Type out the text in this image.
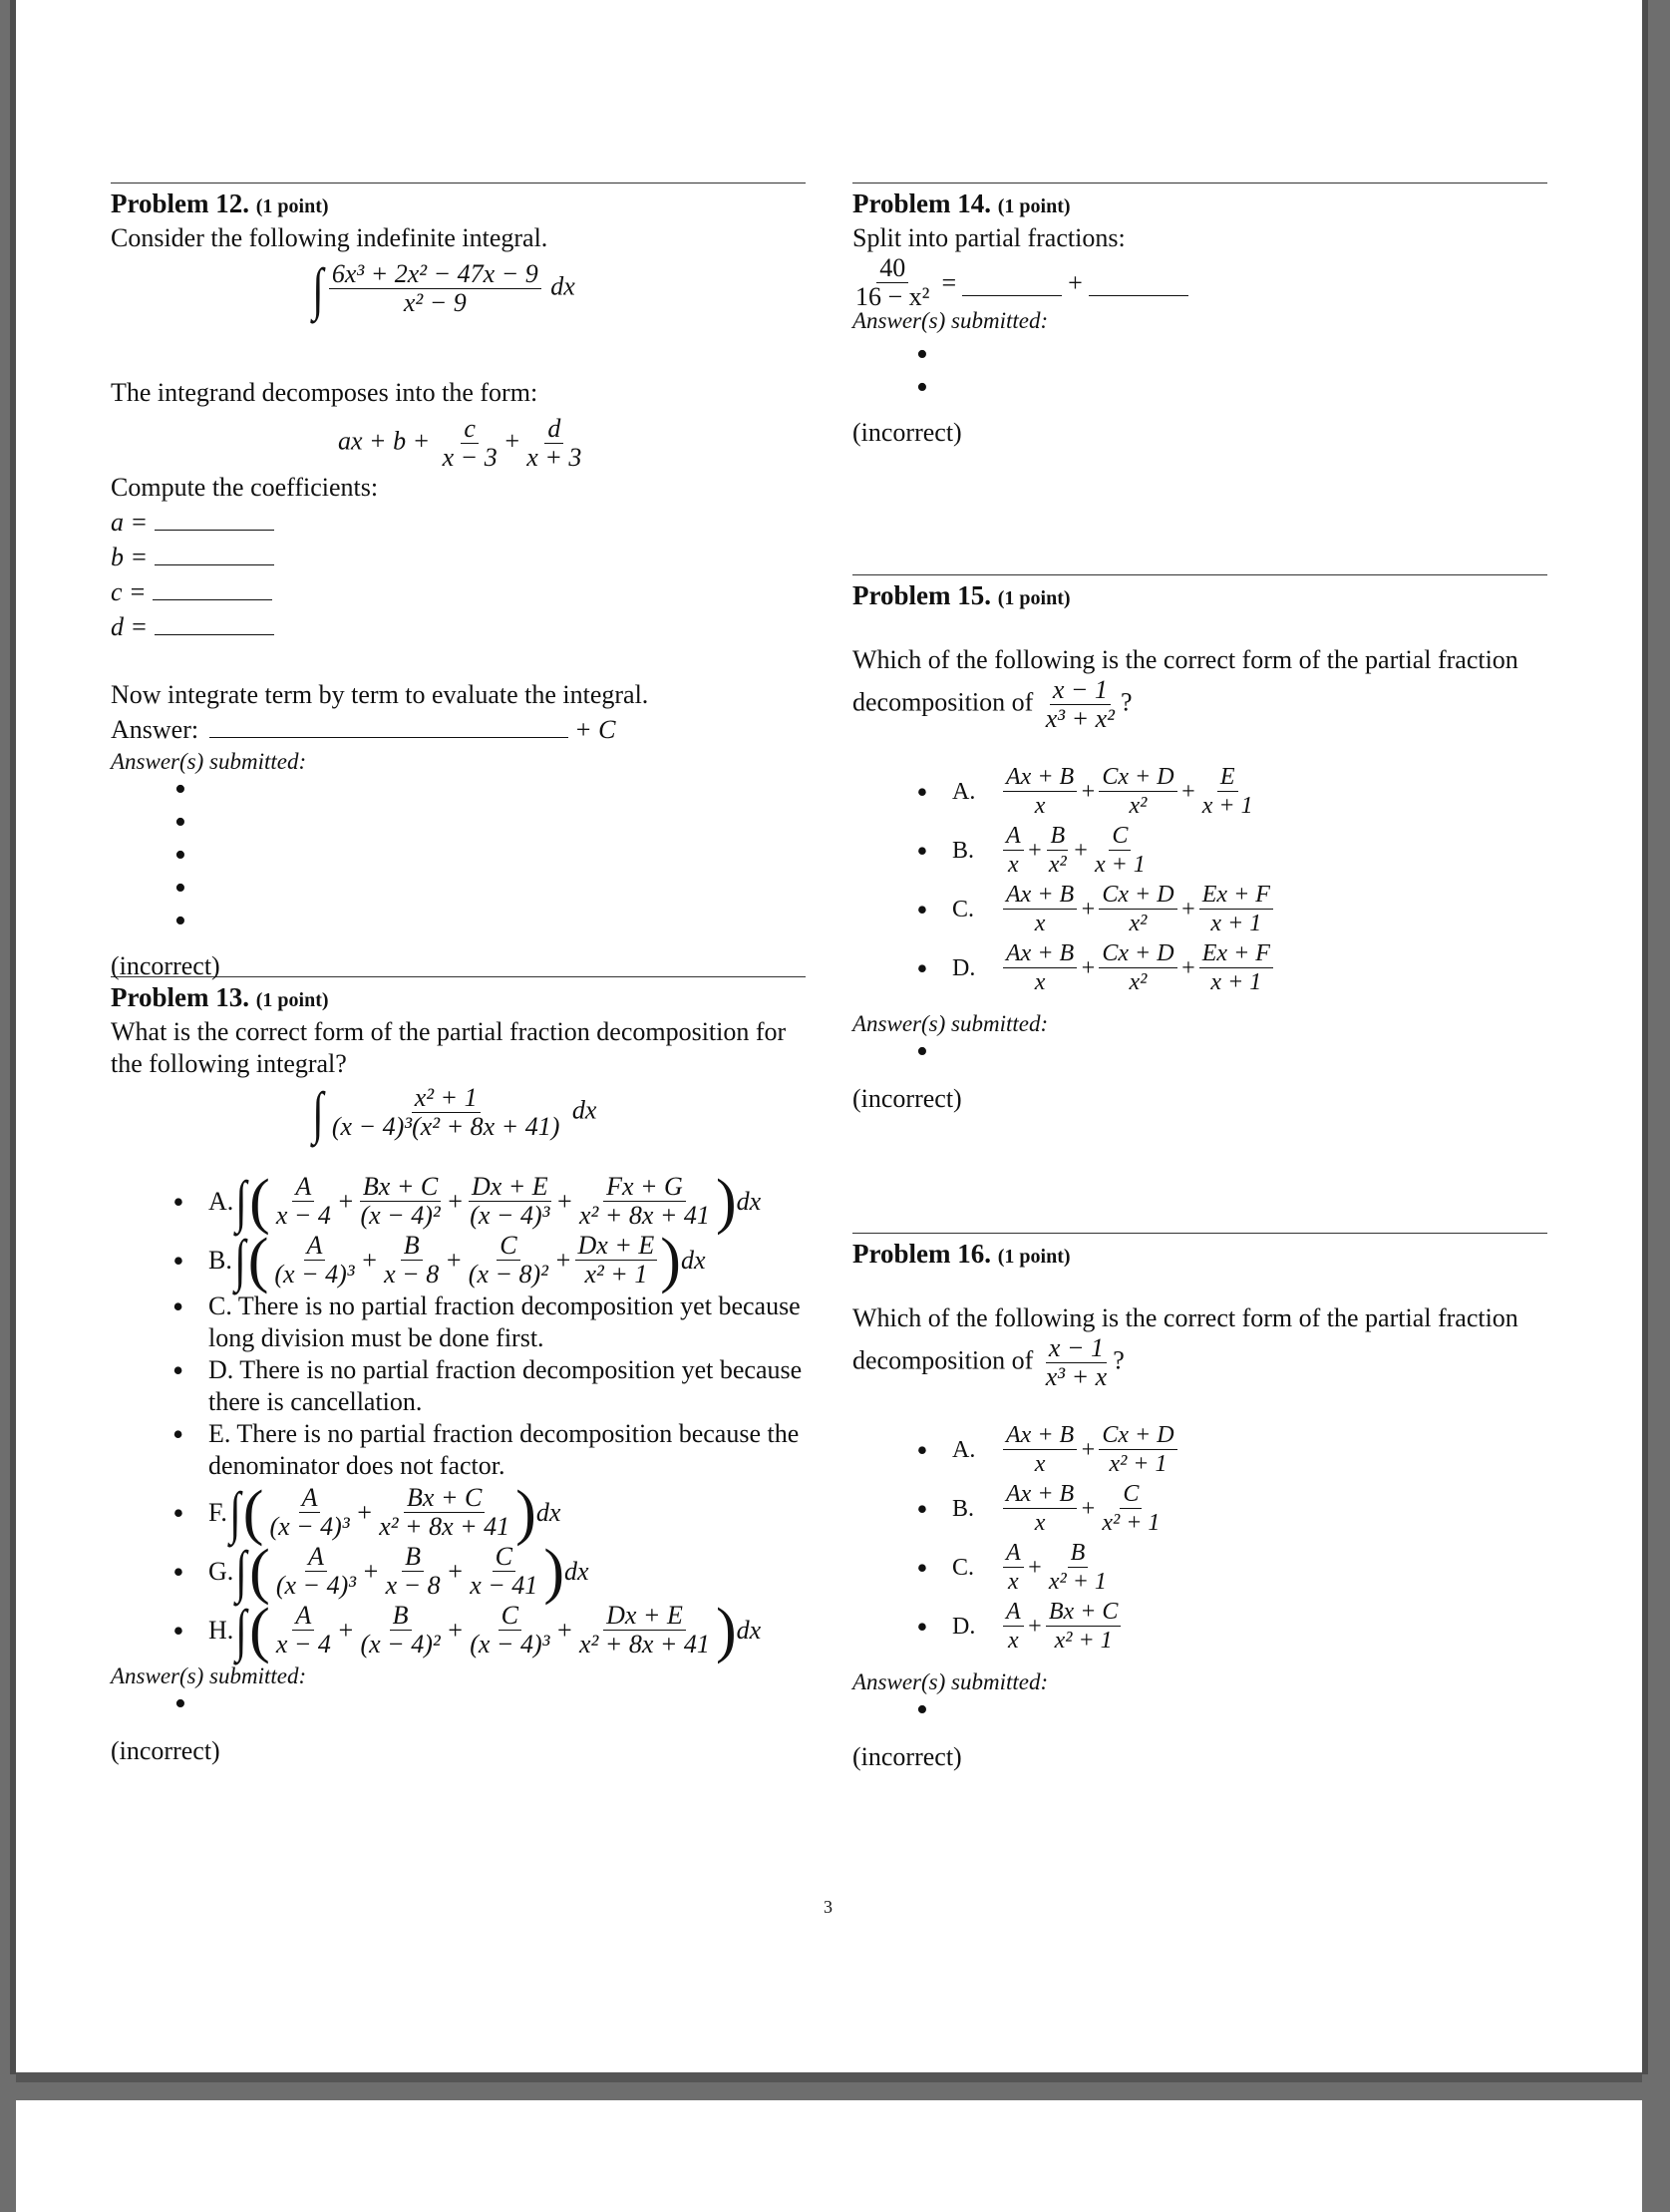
Problem 12. (1 point)
Consider the following indefinite integral.
∫ $\frac{\text{6x³ + 2x² − 47x − 9}}{\text{x² − 9}}$ dx
The integrand decomposes into the form:
ax + $b + \frac{c}{x - 3} + \frac{d}{x + 3}$
Compute the coefficients:
a =
b =
c =
d =
Now integrate term by term to evaluate the integral.
Answer:	+ C
Answer(s) submitted:
•
•
•
•
•
(incorrect)
Problem 13. (1 point)
What is the correct form of the partial fraction decomposition for the following integral?
∫ $\frac{\text{x² + 1}}{\text{(x − 4)³(x² + 8x + 41)}}$ dx
• A. ∫ ( $\frac{A}{x - 4} + \frac{Bx + C}{\text{(x − 4)²}} + \frac{Dx + E}{\text{(x − 4)³}} + \frac{Fx + G}{\text{x² + 8x + 41}}$ ) dx
• B. ∫ ( $\frac{A}{\text{(x − 4)³}} + \frac{B}{x - 8} + \frac{C}{\text{(x − 8)²}} + \frac{Dx + E}{\text{x² + 1}}$ ) dx
• C. There is no partial fraction decomposition yet because long division must be done first.
• D. There is no partial fraction decomposition yet because there is cancellation.
• E. There is no partial fraction decomposition because the denominator does not factor.
• F. ∫ ( $\frac{A}{\text{(x − 4)³}} + \frac{Bx + C}{\text{x² + 8x + 41}}$ ) dx
• G. ∫ ( $\frac{A}{\text{(x − 4)³}} + \frac{B}{x - 8} + \frac{C}{x - 41}$ ) dx
• H. ∫ ( $\frac{A}{x - 4} + \frac{B}{\text{(x − 4)²}} + \frac{C}{\text{(x − 4)³}} + \frac{Dx + E}{\text{x² + 8x + 41}}$ ) dx
Answer(s) submitted:
•
(incorrect)
Problem 14. (1 point)
Split into partial fractions:
$\frac{40}{\text{16 − x²}}$ =	+
Answer(s) submitted:
•
•
(incorrect)
Problem 15. (1 point)
Which of the following is the correct form of the partial fraction
decomposition of $\frac{x - 1}{\text{x³ + x²}}$ ?
• A.	$\frac{Ax + B}{x} + \frac{Cx + D}{\text{x²}} + \frac{E}{x + 1}$
• B.	$\frac{A}{x} + \frac{B}{\text{x²}} + \frac{C}{x + 1}$
• C.	$\frac{Ax + B}{x} + \frac{Cx + D}{\text{x²}} + \frac{Ex + F}{x + 1}$
• D.	$\frac{Ax + B}{x} + \frac{Cx + D}{\text{x²}} + \frac{Ex + F}{x + 1}$
Answer(s) submitted:
•
(incorrect)
Problem 16. (1 point)
Which of the following is the correct form of the partial fraction
decomposition of $\frac{x - 1}{\text{x³ + x}}$ ?
• A.	$\frac{Ax + B}{x} + \frac{Cx + D}{\text{x² + 1}}$
• B.	$\frac{Ax + B}{x} + \frac{C}{\text{x² + 1}}$
• C.	$\frac{A}{x} + \frac{B}{\text{x² + 1}}$
• D.	$\frac{A}{x} + \frac{Bx + C}{\text{x² + 1}}$
Answer(s) submitted:
•
(incorrect)
3
